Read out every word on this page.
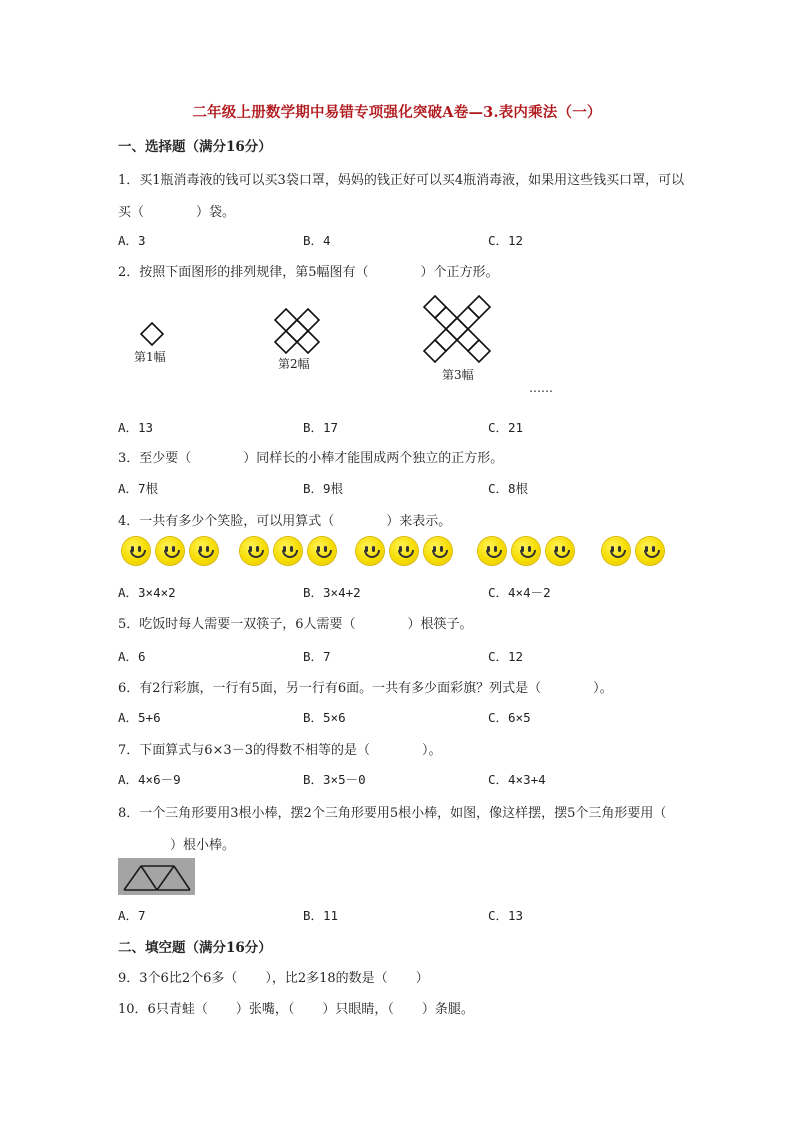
二年级上册数学期中易错专项强化突破A卷—3.表内乘法（一）
一、选择题（满分16分）
1．买1瓶消毒液的钱可以买3袋口罩，妈妈的钱正好可以买4瓶消毒液，如果用这些钱买口罩，可以买（	）袋。
A．3	B．4	C．12
2．按照下面图形的排列规律，第5幅图有（	）个正方形。
第1幅	第2幅
第3幅
……
A．13	B．17	C．21
3．至少要（	）同样长的小棒才能围成两个独立的正方形。
A．7根	B．9根	C．8根
4．一共有多少个笑脸，可以用算式（	）来表示。
A．3×4×2	B．3×4+2	C．4×4－2
5．吃饭时每人需要一双筷子，6人需要（	）根筷子。
A．6	B．7	C．12
6．有2行彩旗，一行有5面，另一行有6面。一共有多少面彩旗？列式是（	）。
A．5+6	B．5×6	C．6×5
7．下面算式与6×3－3的得数不相等的是（	）。
A．4×6－9	B．3×5－0	C．4×3+4
8．一个三角形要用3根小棒，摆2个三角形要用5根小棒，如图，像这样摆，摆5个三角形要用（）根小棒。
A．7	B．11	C．13
二、填空题（满分16分）
9．3个6比2个6多（ ），比2多18的数是（ ）
10．6只青蛙（ ）张嘴，（ ）只眼睛，（ ）条腿。
